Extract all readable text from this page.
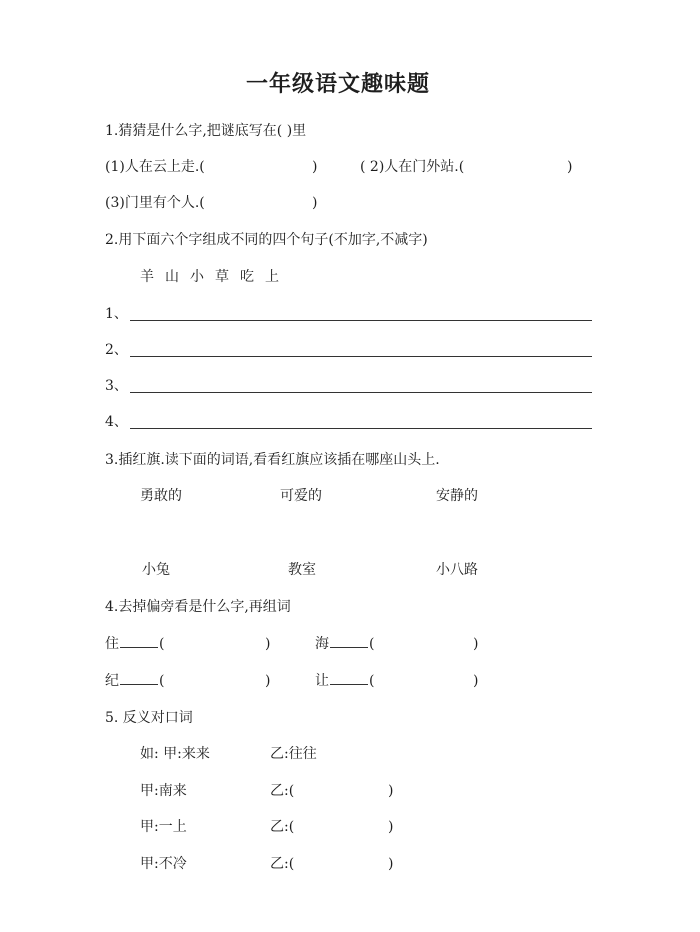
一年级语文趣味题
1.猜猜是什么字,把谜底写在( )里
(1)人在云上走.(	)	( 2)人在门外站.(	)
(3)门里有个人.(	)
2.用下面六个字组成不同的四个句子(不加字,不减字)
羊 山 小 草 吃 上
1、
2、
3、
4、
3.插红旗.读下面的词语,看看红旗应该插在哪座山头上.
勇敢的	可爱的	安静的
小兔	教室	小八路
4.去掉偏旁看是什么字,再组词
住	(	)	海	(	)
纪	(	)	让	(	)
5. 反义对口词
如: 甲:来来	乙:往往
甲:南来	乙:(	)
甲:一上	乙:(	)
甲:不冷	乙:(	)
